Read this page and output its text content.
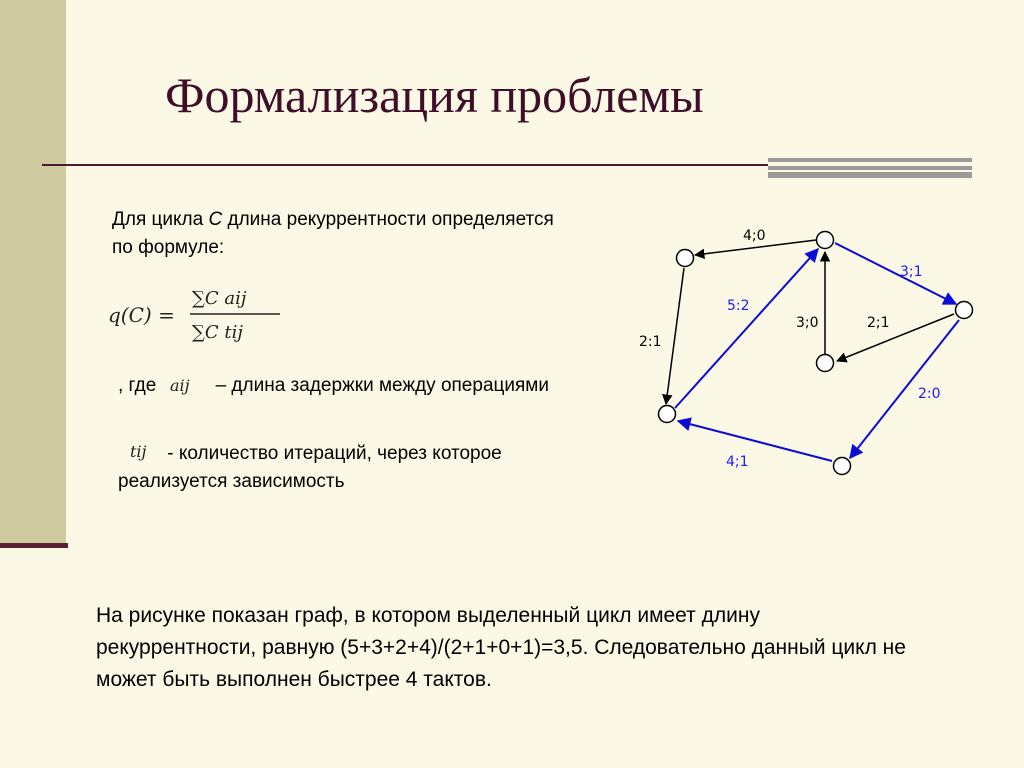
Формализация проблемы

Для цикла C длина рекуррентности определяется по формуле:

q(C) =
∑C aij
∑C tij

, где aij – длина задержки между операциями

tij - количество итераций, через которое реализуется зависимость

4;0
2:1
5:2
3;1
3;0	2;1
2:0
4;1

На рисунке показан граф, в котором выделенный цикл имеет длину рекуррентности, равную (5+3+2+4)/(2+1+0+1)=3,5. Следовательно данный цикл не может быть выполнен быстрее 4 тактов.
